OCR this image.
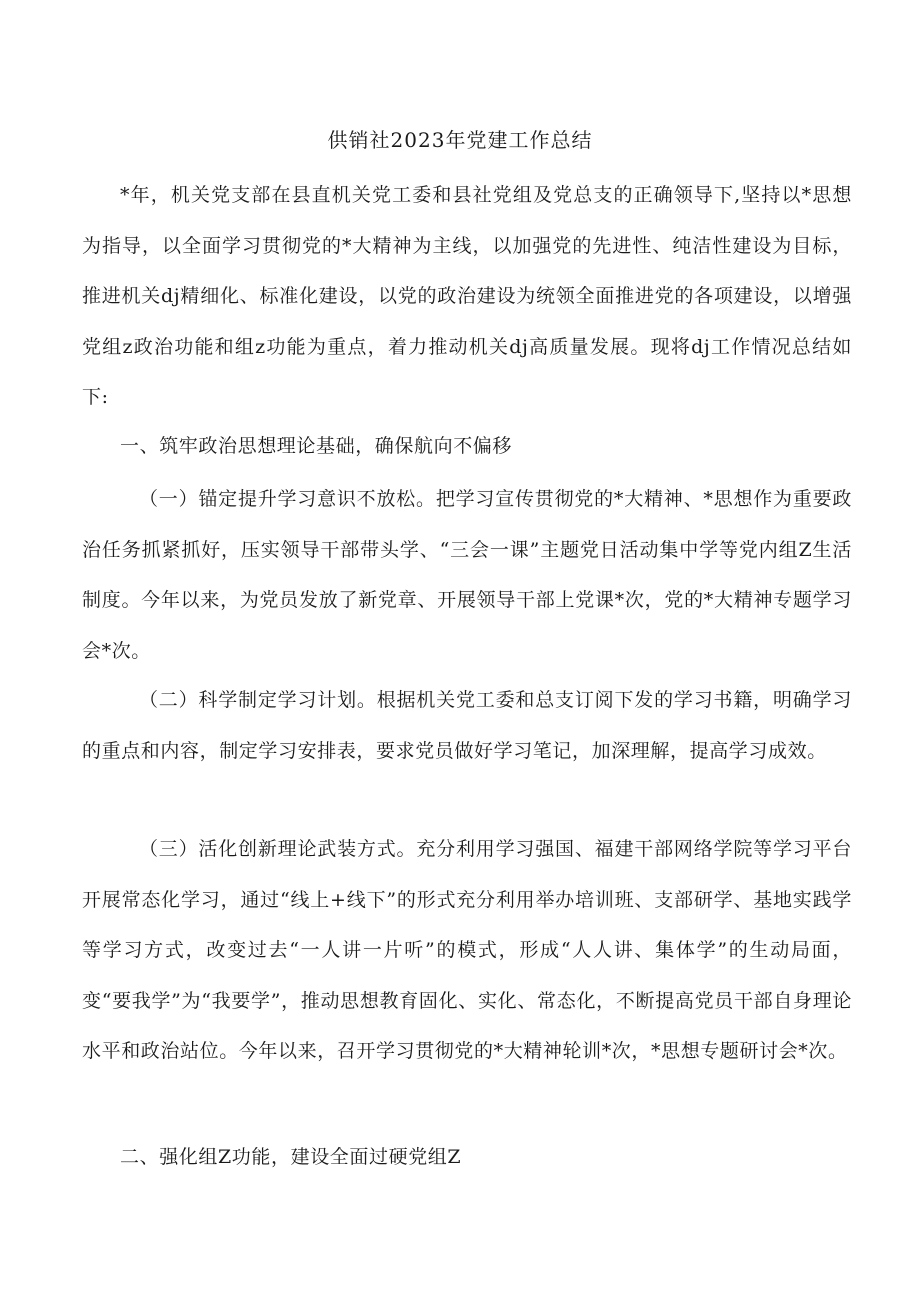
供销社2023年党建工作总结

*年，机关党支部在县直机关党工委和县社党组及党总支的正确领导下,坚持以*思想为指导，以全面学习贯彻党的*大精神为主线，以加强党的先进性、纯洁性建设为目标，推进机关dj精细化、标准化建设，以党的政治建设为统领全面推进党的各项建设，以增强党组z政治功能和组z功能为重点，着力推动机关dj高质量发展。现将dj工作情况总结如下:

一、筑牢政治思想理论基础，确保航向不偏移

（一）锚定提升学习意识不放松。把学习宣传贯彻党的*大精神、*思想作为重要政治任务抓紧抓好，压实领导干部带头学、“三会一课”主题党日活动集中学等党内组Z生活制度。今年以来，为党员发放了新党章、开展领导干部上党课*次，党的*大精神专题学习会*次。

（二）科学制定学习计划。根据机关党工委和总支订阅下发的学习书籍，明确学习的重点和内容，制定学习安排表，要求党员做好学习笔记，加深理解，提高学习成效。

（三）活化创新理论武装方式。充分利用学习强国、福建干部网络学院等学习平台开展常态化学习，通过“线上+线下”的形式充分利用举办培训班、支部研学、基地实践学等学习方式，改变过去“一人讲一片听”的模式，形成“人人讲、集体学”的生动局面，变“要我学”为“我要学”，推动思想教育固化、实化、常态化，不断提高党员干部自身理论水平和政治站位。今年以来，召开学习贯彻党的*大精神轮训*次，*思想专题研讨会*次。

二、强化组Z功能，建设全面过硬党组Z
